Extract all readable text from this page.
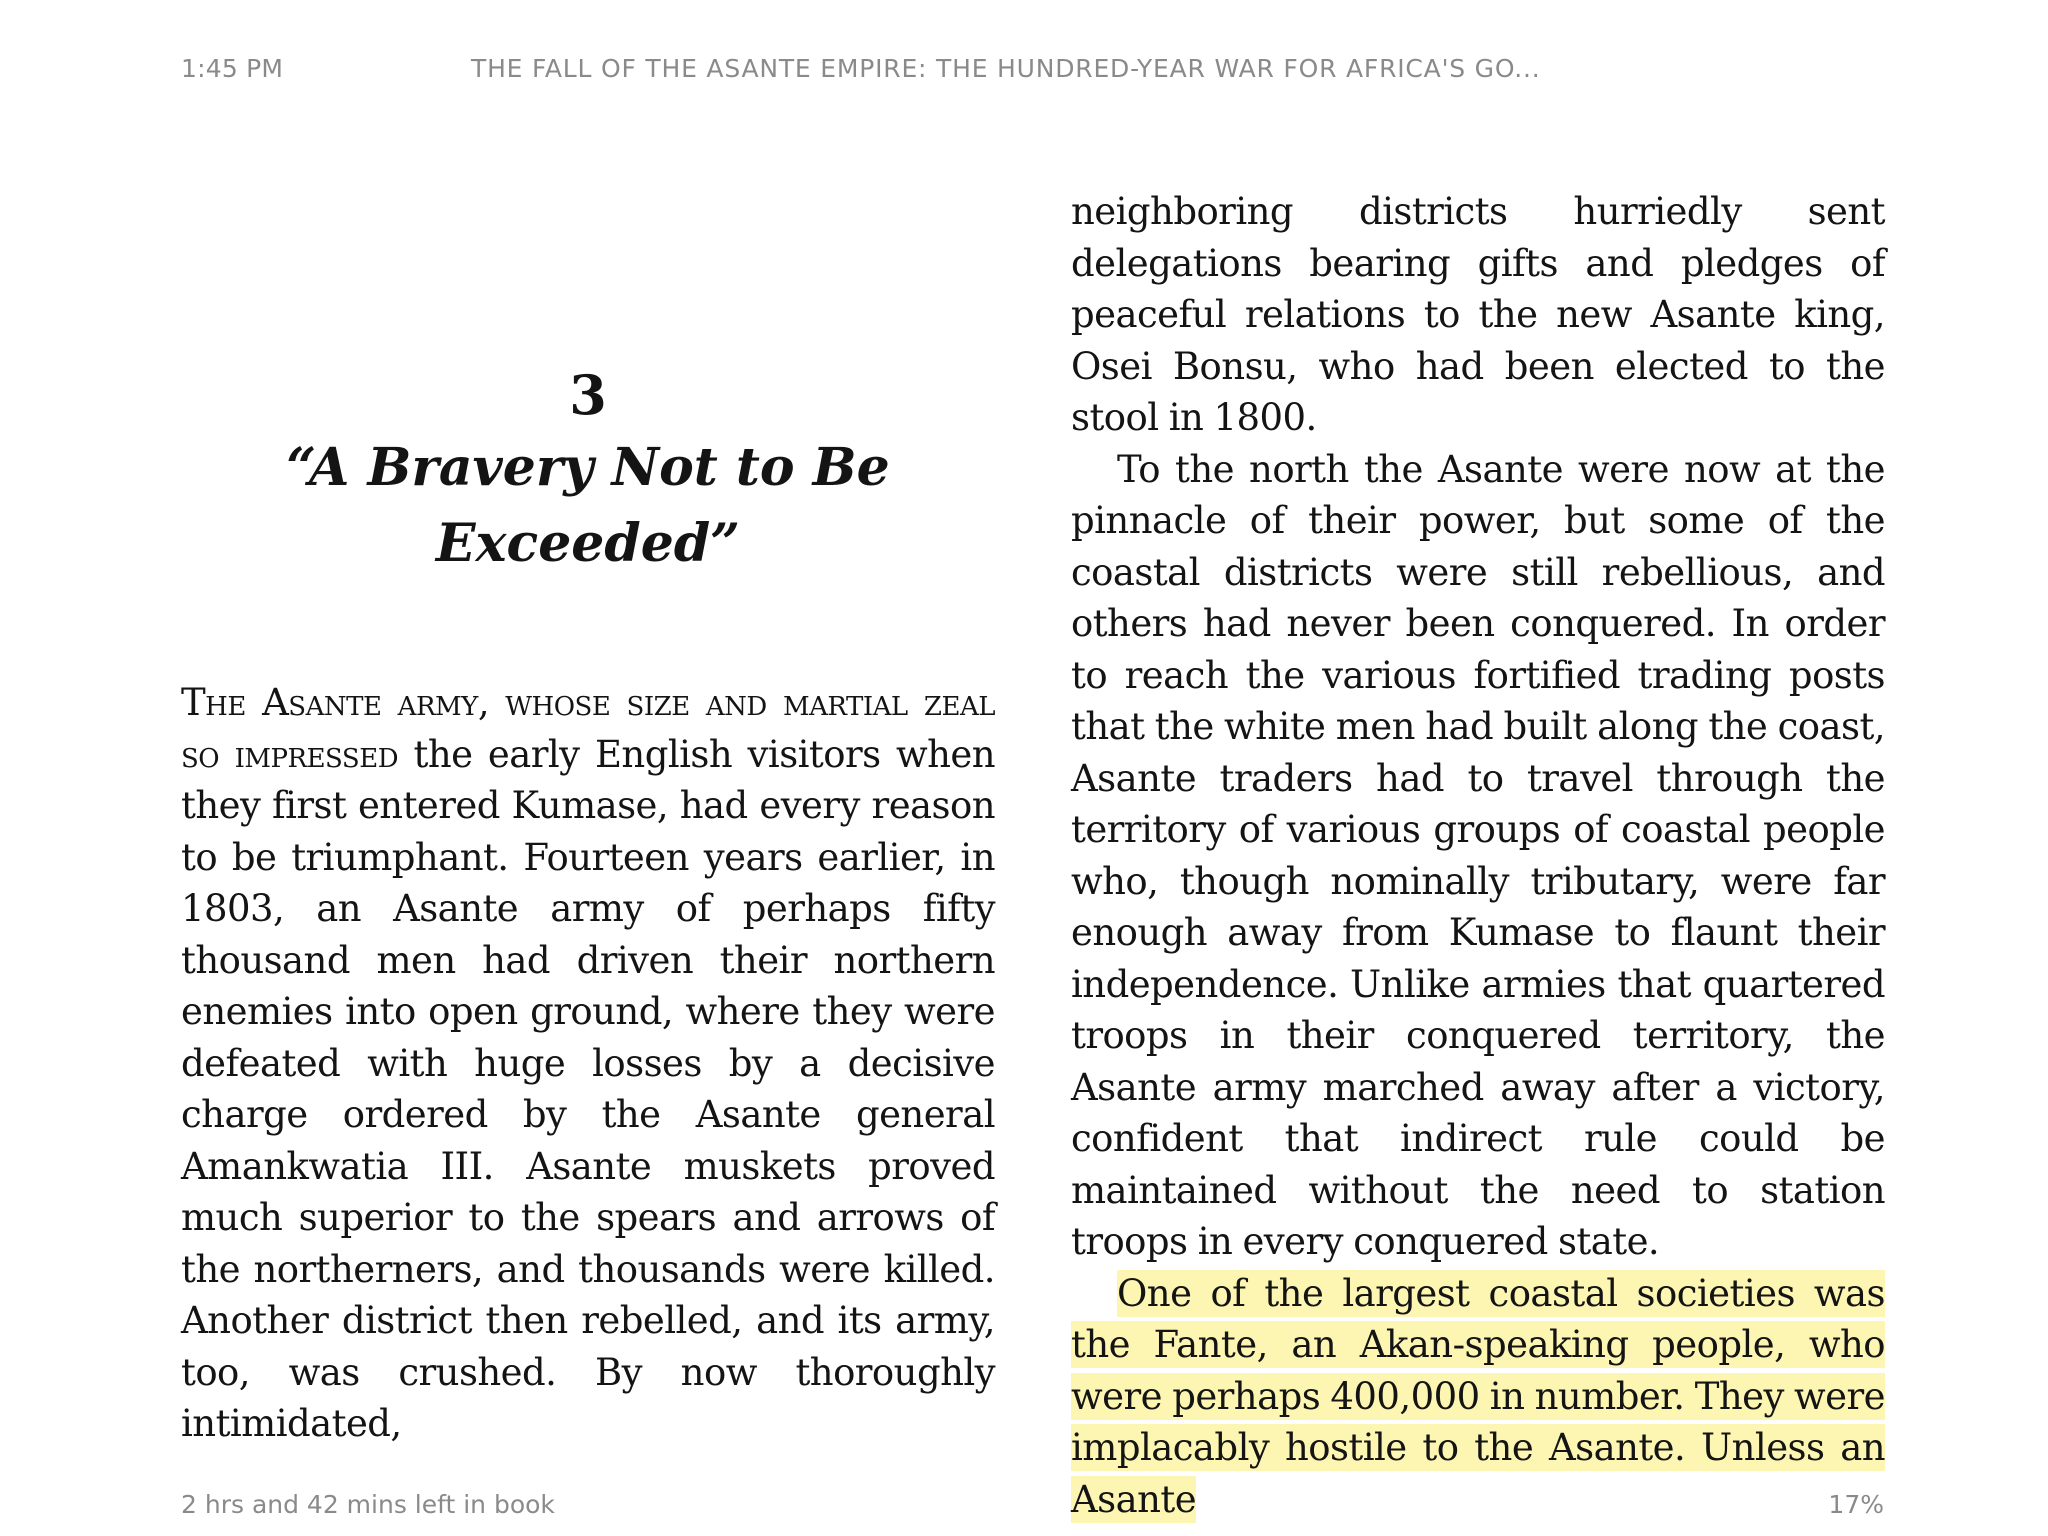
1:45 PM	THE FALL OF THE ASANTE EMPIRE: THE HUNDRED-YEAR WAR FOR AFRICA'S GO...
3
“A Bravery Not to Be Exceeded”

The Asante army, whose size and martial zeal so impressed the early English visitors when they first entered Kumase, had every reason to be triumphant. Fourteen years earlier, in 1803, an Asante army of perhaps fifty thousand men had driven their northern enemies into open ground, where they were defeated with huge losses by a decisive charge ordered by the Asante general Amankwatia III. Asante muskets proved much superior to the spears and arrows of the northerners, and thousands were killed. Another district then rebelled, and its army, too, was crushed. By now thoroughly intimidated,

neighboring districts hurriedly sent delegations bearing gifts and pledges of peaceful relations to the new Asante king, Osei Bonsu, who had been elected to the stool in 1800.

To the north the Asante were now at the pinnacle of their power, but some of the coastal districts were still rebellious, and others had never been conquered. In order to reach the various fortified trading posts that the white men had built along the coast, Asante traders had to travel through the territory of various groups of coastal people who, though nominally tributary, were far enough away from Kumase to flaunt their independence. Unlike armies that quartered troops in their conquered territory, the Asante army marched away after a victory, confident that indirect rule could be maintained without the need to station troops in every conquered state.

One of the largest coastal societies was the Fante, an Akan-speaking people, who were perhaps 400,000 in number. They were implacably hostile to the Asante. Unless an Asante

2 hrs and 42 mins left in book	17%
